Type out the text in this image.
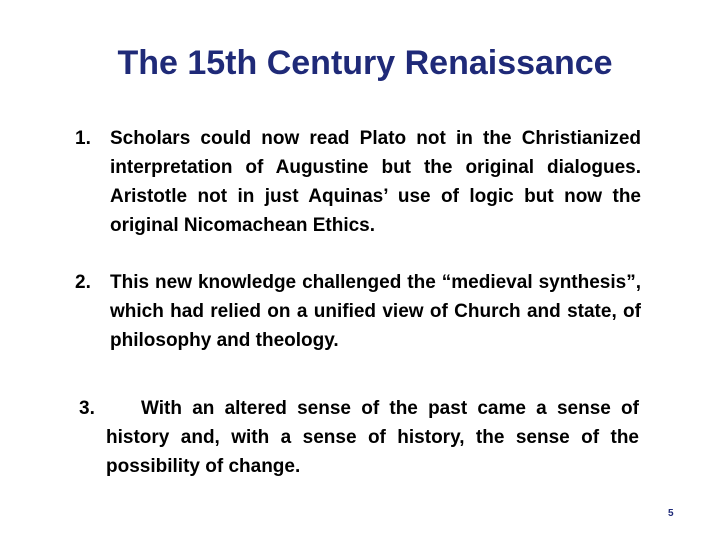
The 15th Century Renaissance
1. Scholars could now read Plato not in the Christianized interpretation of Augustine but the original dialogues. Aristotle not in just Aquinas’ use of logic but now the original Nicomachean Ethics.
2. This new knowledge challenged the “medieval synthesis”, which had relied on a unified view of Church and state, of philosophy and theology.
3.	With an altered sense of the past came a sense of history and, with a sense of history, the sense of the possibility of change.
5
